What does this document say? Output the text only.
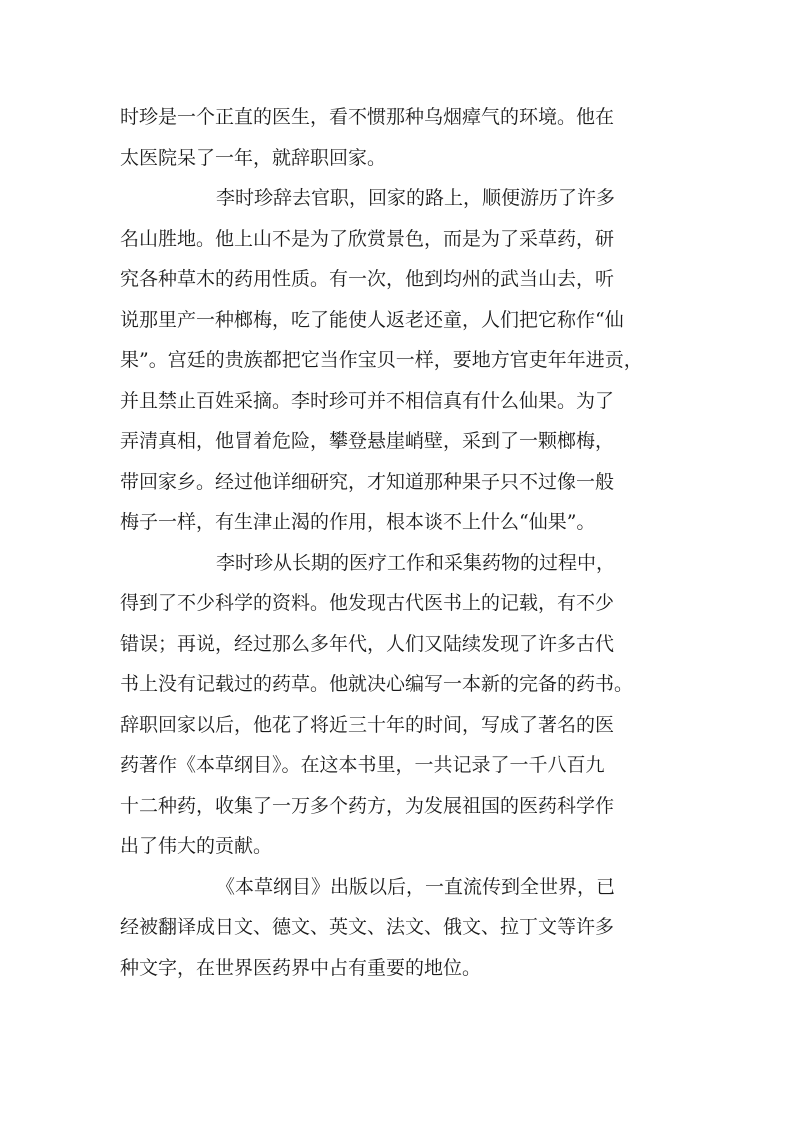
时珍是一个正直的医生，看不惯那种乌烟瘴气的环境。他在
太医院呆了一年，就辞职回家。
李时珍辞去官职，回家的路上，顺便游历了许多
名山胜地。他上山不是为了欣赏景色，而是为了采草药，研
究各种草木的药用性质。有一次，他到均州的武当山去，听
说那里产一种榔梅，吃了能使人返老还童，人们把它称作“仙
果”。宫廷的贵族都把它当作宝贝一样，要地方官吏年年进贡，
并且禁止百姓采摘。李时珍可并不相信真有什么仙果。为了
弄清真相，他冒着危险，攀登悬崖峭壁，采到了一颗榔梅，
带回家乡。经过他详细研究，才知道那种果子只不过像一般
梅子一样，有生津止渴的作用，根本谈不上什么“仙果”。
李时珍从长期的医疗工作和采集药物的过程中，
得到了不少科学的资料。他发现古代医书上的记载，有不少
错误；再说，经过那么多年代，人们又陆续发现了许多古代
书上没有记载过的药草。他就决心编写一本新的完备的药书。
辞职回家以后，他花了将近三十年的时间，写成了著名的医
药著作《本草纲目》。在这本书里，一共记录了一千八百九
十二种药，收集了一万多个药方，为发展祖国的医药科学作
出了伟大的贡献。
《本草纲目》出版以后，一直流传到全世界，已
经被翻译成日文、德文、英文、法文、俄文、拉丁文等许多
种文字，在世界医药界中占有重要的地位。
